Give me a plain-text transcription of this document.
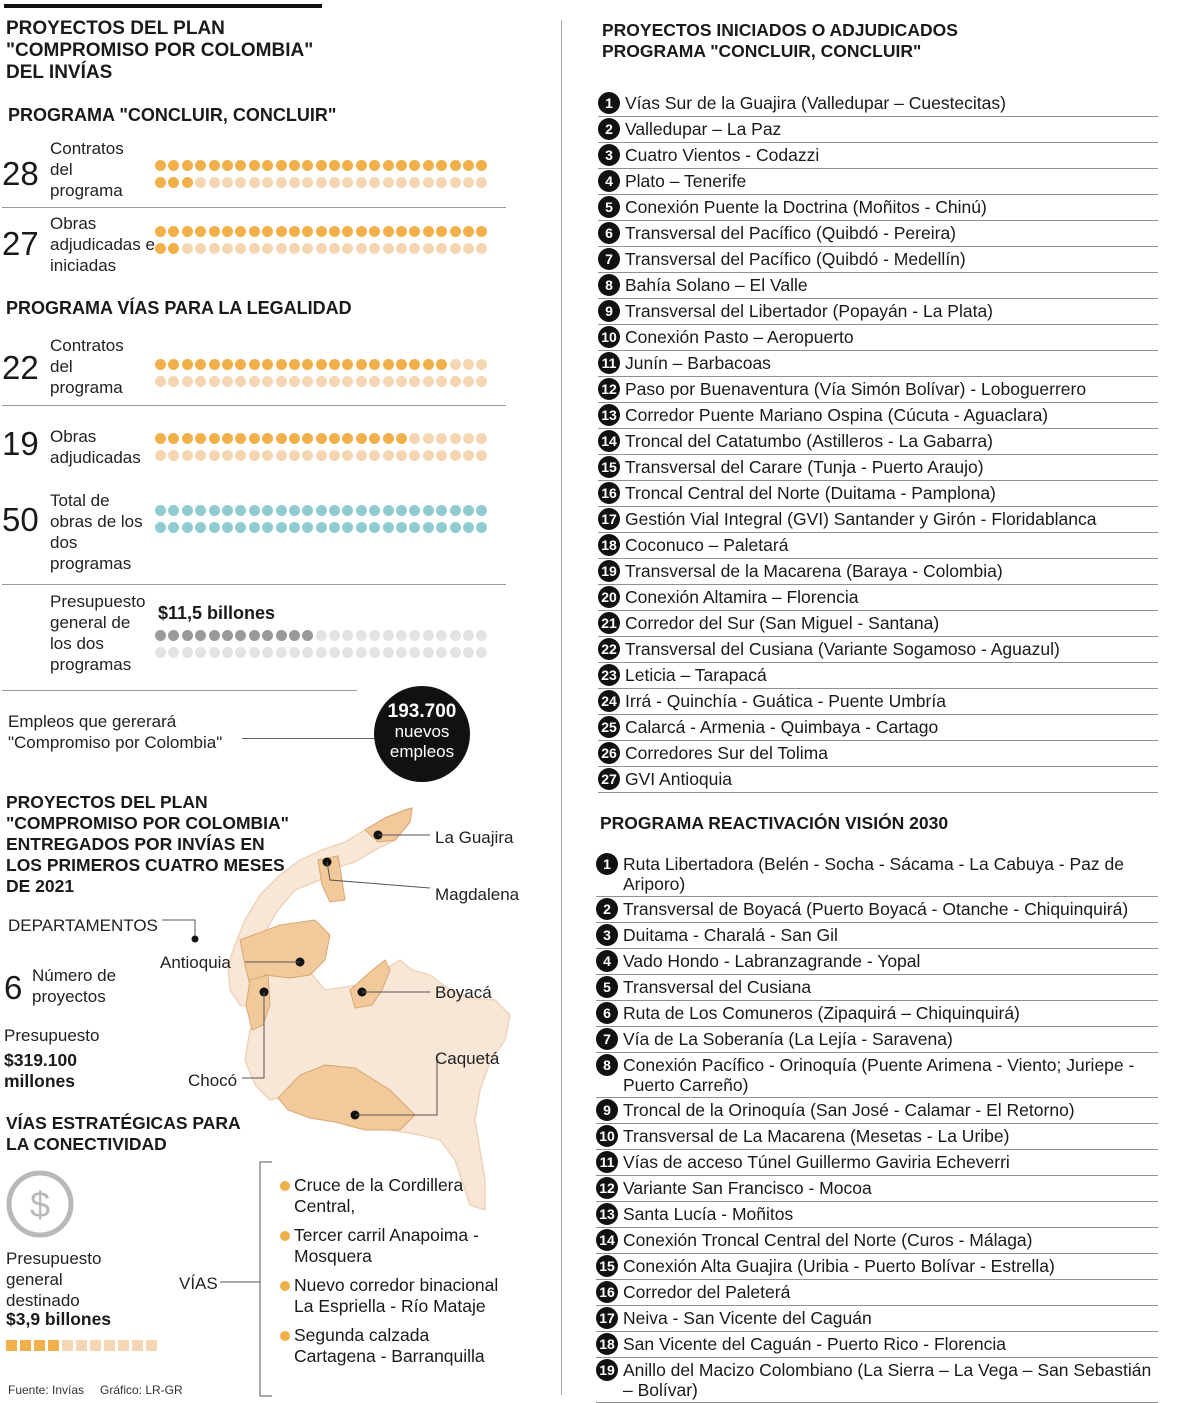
PROYECTOS DEL PLAN "COMPROMISO POR COLOMBIA" DEL INVÍAS
PROGRAMA "CONCLUIR, CONCLUIR"
28
Contratos del programa
27
Obras adjudicadas e iniciadas
PROGRAMA VÍAS PARA LA LEGALIDAD
22
Contratos del programa
19 Obras adjudicadas
50
Total de obras de los dos programas
Presupuesto general de los dos programas
$11,5 billones
Empleos que gererará "Compromiso por Colombia"
193.700
nuevos empleos
PROYECTOS DEL PLAN "COMPROMISO POR COLOMBIA" ENTREGADOS POR INVÍAS EN LOS PRIMEROS CUATRO MESES DE 2021
La Guajira
Magdalena
Antioquia
Boyacá
Chocó
Caquetá
DEPARTAMENTOS
6 Número de proyectos
Presupuesto
$319.100 millones
VÍAS ESTRATÉGICAS PARA LA CONECTIVIDAD
$
Presupuesto general destinado
$3,9 billones
VÍAS
Cruce de la Cordillera Central,
Tercer carril Anapoima - Mosquera
Nuevo corredor binacional La Espriella - Río Mataje
Segunda calzada Cartagena - Barranquilla
Fuente: Invías Gráfico: LR-GR
PROYECTOS INICIADOS O ADJUDICADOS PROGRAMA "CONCLUIR, CONCLUIR"
1 Vías Sur de la Guajira (Valledupar – Cuestecitas)
2 Valledupar – La Paz
3 Cuatro Vientos - Codazzi
4 Plato – Tenerife
5 Conexión Puente la Doctrina (Moñitos - Chinú)
6 Transversal del Pacífico (Quibdó - Pereira)
7 Transversal del Pacífico (Quibdó - Medellín)
8 Bahía Solano – El Valle
9 Transversal del Libertador (Popayán - La Plata)
10 Conexión Pasto – Aeropuerto
11 Junín – Barbacoas
12 Paso por Buenaventura (Vía Simón Bolívar) - Loboguerrero
13 Corredor Puente Mariano Ospina (Cúcuta - Aguaclara)
14 Troncal del Catatumbo (Astilleros - La Gabarra)
15 Transversal del Carare (Tunja - Puerto Araujo)
16 Troncal Central del Norte (Duitama - Pamplona)
17 Gestión Vial Integral (GVI) Santander y Girón - Floridablanca
18 Coconuco – Paletará
19 Transversal de la Macarena (Baraya - Colombia)
20 Conexión Altamira – Florencia
21 Corredor del Sur (San Miguel - Santana)
22 Transversal del Cusiana (Variante Sogamoso - Aguazul)
23 Leticia – Tarapacá
24 Irrá - Quinchía - Guática - Puente Umbría
25 Calarcá - Armenia - Quimbaya - Cartago
26 Corredores Sur del Tolima
27 GVI Antioquia
PROGRAMA REACTIVACIÓN VISIÓN 2030
1 Ruta Libertadora (Belén - Socha - Sácama - La Cabuya - Paz de Ariporo)
2 Transversal de Boyacá (Puerto Boyacá - Otanche - Chiquinquirá)
3 Duitama - Charalá - San Gil
4 Vado Hondo - Labranzagrande - Yopal
5 Transversal del Cusiana
6 Ruta de Los Comuneros (Zipaquirá – Chiquinquirá)
7 Vía de La Soberanía (La Lejía - Saravena)
8 Conexión Pacífico - Orinoquía (Puente Arimena - Viento; Juriepe - Puerto Carreño)
9 Troncal de la Orinoquía (San José - Calamar - El Retorno)
10 Transversal de La Macarena (Mesetas - La Uribe)
11 Vías de acceso Túnel Guillermo Gaviria Echeverri
12 Variante San Francisco - Mocoa
13 Santa Lucía - Moñitos
14 Conexión Troncal Central del Norte (Curos - Málaga)
15 Conexión Alta Guajira (Uribia - Puerto Bolívar - Estrella)
16 Corredor del Paleterá
17 Neiva - San Vicente del Caguán
18 San Vicente del Caguán - Puerto Rico - Florencia
19 Anillo del Macizo Colombiano (La Sierra – La Vega – San Sebastián – Bolívar)
